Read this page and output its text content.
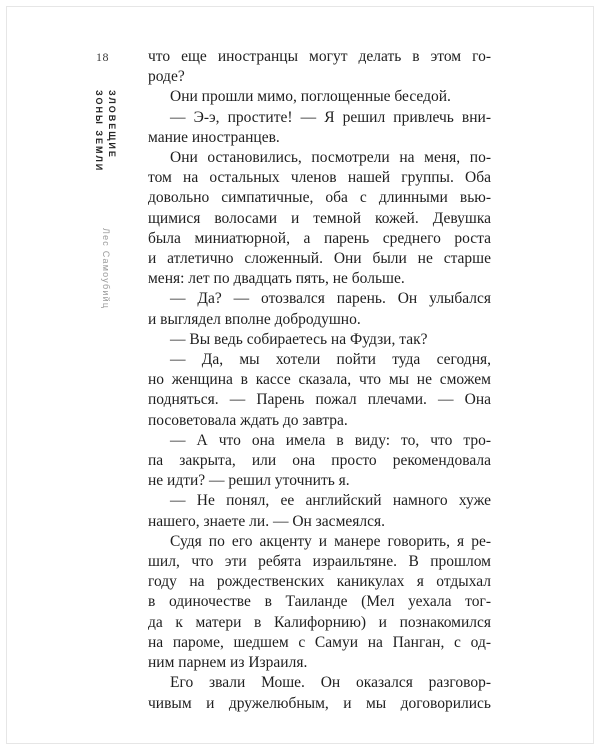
18
ЗЛОВЕЩИЕ
ЗОНЫ ЗЕМЛИ
Лес Самоубийц
что еще иностранцы могут делать в этом го-
роде?
Они прошли мимо, поглощенные беседой.
— Э-э, простите! — Я решил привлечь вни-
мание иностранцев.
Они остановились, посмотрели на меня, по-
том на остальных членов нашей группы. Оба
довольно симпатичные, оба с длинными вью-
щимися волосами и темной кожей. Девушка
была миниатюрной, а парень среднего роста
и атлетично сложенный. Они были не старше
меня: лет по двадцать пять, не больше.
— Да? — отозвался парень. Он улыбался
и выглядел вполне добродушно.
— Вы ведь собираетесь на Фудзи, так?
— Да, мы хотели пойти туда сегодня,
но женщина в кассе сказала, что мы не сможем
подняться. — Парень пожал плечами. — Она
посоветовала ждать до завтра.
— А что она имела в виду: то, что тро-
па закрыта, или она просто рекомендовала
не идти? — решил уточнить я.
— Не понял, ее английский намного хуже
нашего, знаете ли. — Он засмеялся.
Судя по его акценту и манере говорить, я ре-
шил, что эти ребята израильтяне. В прошлом
году на рождественских каникулах я отдыхал
в одиночестве в Таиланде (Мел уехала тог-
да к матери в Калифорнию) и познакомился
на пароме, шедшем с Самуи на Панган, с од-
ним парнем из Израиля.
Его звали Моше. Он оказался разговор-
чивым и дружелюбным, и мы договорились
